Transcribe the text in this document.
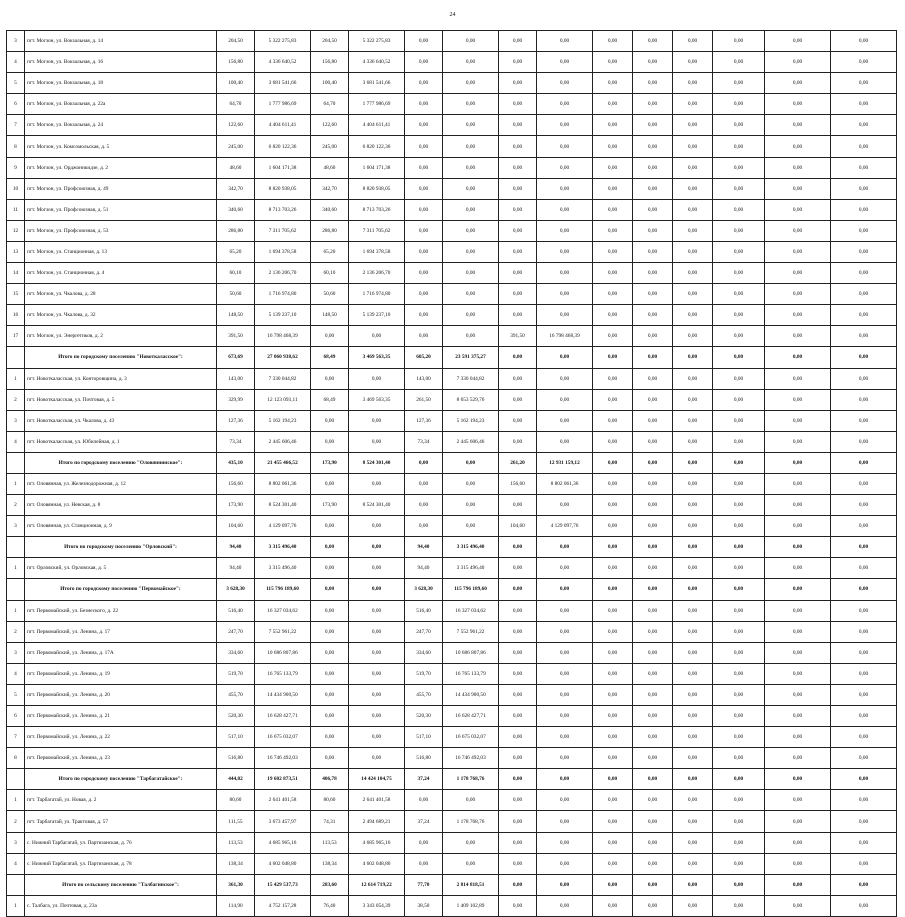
24
3	пгт. Могзон, ул. Вокзальная, д. 14	204,50	5 322 275,83	204,50	5 322 275,83	0,00	0,00	0,00	0,00	0,00	0,00	0,00	0,00	0,00	0,00
4	пгт. Могзон, ул. Вокзальная, д. 16	156,80	4 336 640,52	156,80	4 336 640,52	0,00	0,00	0,00	0,00	0,00	0,00	0,00	0,00	0,00	0,00
5	пгт. Могзон, ул. Вокзальная, д. 18	100,40	3 681 541,66	100,40	3 681 541,66	0,00	0,00	0,00	0,00	0,00	0,00	0,00	0,00	0,00	0,00
6	пгт. Могзон, ул. Вокзальная, д. 22а	64,70	1 777 986,69	64,70	1 777 986,69	0,00	0,00	0,00	0,00	0,00	0,00	0,00	0,00	0,00	0,00
7	пгт. Могзон, ул. Вокзальная, д. 24	122,60	4 404 611,41	122,60	4 404 611,41	0,00	0,00	0,00	0,00	0,00	0,00	0,00	0,00	0,00	0,00
8	пгт. Могзон, ул. Комсомольская, д. 5	245,00	6 820 122,36	245,00	6 820 122,36	0,00	0,00	0,00	0,00	0,00	0,00	0,00	0,00	0,00	0,00
9	пгт. Могзон, ул. Орджоникидзе, д. 2	48,60	1 604 171,38	48,60	1 604 171,38	0,00	0,00	0,00	0,00	0,00	0,00	0,00	0,00	0,00	0,00
10	пгт. Могзон, ул. Профсоюзная, д. 49	342,70	8 820 938,05	342,70	8 820 938,05	0,00	0,00	0,00	0,00	0,00	0,00	0,00	0,00	0,00	0,00
11	пгт. Могзон, ул. Профсоюзная, д. 51	340,60	8 713 703,26	340,60	8 713 703,26	0,00	0,00	0,00	0,00	0,00	0,00	0,00	0,00	0,00	0,00
12	пгт. Могзон, ул. Профсоюзная, д. 53	286,80	7 311 705,62	286,80	7 311 705,62	0,00	0,00	0,00	0,00	0,00	0,00	0,00	0,00	0,00	0,00
13	пгт. Могзон, ул. Станционная, д. 13	65,20	1 694 378,58	65,20	1 694 378,58	0,00	0,00	0,00	0,00	0,00	0,00	0,00	0,00	0,00	0,00
14	пгт. Могзон, ул. Станционная, д. 4	60,10	2 136 206,70	60,10	2 136 206,70	0,00	0,00	0,00	0,00	0,00	0,00	0,00	0,00	0,00	0,00
15	пгт. Могзон, ул. Чкалова, д. 28	50,60	1 716 974,80	50,60	1 716 974,80	0,00	0,00	0,00	0,00	0,00	0,00	0,00	0,00	0,00	0,00
16	пгт. Могзон, ул. Чкалова, д. 32	148,50	5 139 237,10	148,50	5 139 237,10	0,00	0,00	0,00	0,00	0,00	0,00	0,00	0,00	0,00	0,00
17	пгт. Могзон, ул. Энергетиков, д. 2	391,50	16 798 468,39	0,00	0,00	0,00	0,00	391,50	16 798 468,39	0,00	0,00	0,00	0,00	0,00	0,00
	Итого по городскому поселению "Новоткаласское":	673,69	27 060 938,62	68,49	3 469 563,35	605,20	23 591 375,27	0,00	0,00	0,00	0,00	0,00	0,00	0,00	0,00
1	пгт. Новоткаласская, ул. Конторовщина, д. 3	143,00	7 330 044,82	0,00	0,00	143,00	7 330 044,82	0,00	0,00	0,00	0,00	0,00	0,00	0,00	0,00
2	пгт. Новоткаласская, ул. Почтовая, д. 5	329,99	12 123 093,11	68,49	3 469 563,35	261,50	8 653 529,76	0,00	0,00	0,00	0,00	0,00	0,00	0,00	0,00
3	пгт. Новоткаласская, ул. Чкалова, д. 43	127,36	5 162 194,23	0,00	0,00	127,36	5 162 194,23	0,00	0,00	0,00	0,00	0,00	0,00	0,00	0,00
4	пгт. Новоткаласская, ул. Юбилейная, д. 1	73,34	2 445 606,46	0,00	0,00	73,34	2 445 606,46	0,00	0,00	0,00	0,00	0,00	0,00	0,00	0,00
	Итого по городскому поселению "Оловяннинское":	435,10	21 455 466,52	173,90	8 524 301,40	0,00	0,00	261,20	12 931 159,12	0,00	0,00	0,00	0,00	0,00	0,00
1	пгт. Оловянная, ул. Железнодорожная, д. 12	156,60	8 802 061,36	0,00	0,00	0,00	0,00	156,60	8 802 061,36	0,00	0,00	0,00	0,00	0,00	0,00
2	пгт. Оловянная, ул. Невская, д. 8	173,90	8 524 301,40	173,90	8 524 301,40	0,00	0,00	0,00	0,00	0,00	0,00	0,00	0,00	0,00	0,00
3	пгт. Оловянная, ул. Станционная, д. 9	104,60	4 129 097,76	0,00	0,00	0,00	0,00	104,60	4 129 097,76	0,00	0,00	0,00	0,00	0,00	0,00
	Итого по городскому поселению "Орловский":	94,40	3 315 496,40	0,00	0,00	94,40	3 315 496,40	0,00	0,00	0,00	0,00	0,00	0,00	0,00	0,00
1	пгт. Орловский, ул. Орловская, д. 5	94,40	3 315 496,40	0,00	0,00	94,40	3 315 496,40	0,00	0,00	0,00	0,00	0,00	0,00	0,00	0,00
	Итого по городскому поселению "Первомайское":	3 628,30	115 796 189,60	0,00	0,00	3 628,30	115 796 189,60	0,00	0,00	0,00	0,00	0,00	0,00	0,00	0,00
1	пгт. Первомайский, ул. Безнеского, д. 22	516,40	16 327 034,62	0,00	0,00	516,40	16 327 034,62	0,00	0,00	0,00	0,00	0,00	0,00	0,00	0,00
2	пгт. Первомайский, ул. Ленина, д. 17	247,70	7 552 961,22	0,00	0,00	247,70	7 552 961,22	0,00	0,00	0,00	0,00	0,00	0,00	0,00	0,00
3	пгт. Первомайский, ул. Ленина, д. 17А	334,60	10 686 807,86	0,00	0,00	334,60	10 686 807,86	0,00	0,00	0,00	0,00	0,00	0,00	0,00	0,00
4	пгт. Первомайский, ул. Ленина, д. 19	519,70	16 765 133,79	0,00	0,00	519,70	16 765 133,79	0,00	0,00	0,00	0,00	0,00	0,00	0,00	0,00
5	пгт. Первомайский, ул. Ленина, д. 20	455,70	14 434 900,50	0,00	0,00	455,70	14 434 900,50	0,00	0,00	0,00	0,00	0,00	0,00	0,00	0,00
6	пгт. Первомайский, ул. Ленина, д. 21	520,30	16 628 427,71	0,00	0,00	520,30	16 628 427,71	0,00	0,00	0,00	0,00	0,00	0,00	0,00	0,00
7	пгт. Первомайский, ул. Ленина, д. 22	517,10	16 675 032,07	0,00	0,00	517,10	16 675 032,07	0,00	0,00	0,00	0,00	0,00	0,00	0,00	0,00
8	пгт. Первомайский, ул. Ленина, д. 23	516,80	16 746 492,03	0,00	0,00	516,80	16 746 492,03	0,00	0,00	0,00	0,00	0,00	0,00	0,00	0,00
	Итого по городскому поселению "Тарбагатайское":	444,02	19 602 873,51	406,78	14 424 104,75	37,24	1 178 768,76	0,00	0,00	0,00	0,00	0,00	0,00	0,00	0,00
1	пгт. Тарбагатай, ул. Новая, д. 2	80,60	2 641 401,58	80,60	2 641 401,58	0,00	0,00	0,00	0,00	0,00	0,00	0,00	0,00	0,00	0,00
2	пгт. Тарбагатай, ул. Трактовая, д. 57	111,55	3 673 457,97	74,31	2 494 689,21	37,24	1 178 768,76	0,00	0,00	0,00	0,00	0,00	0,00	0,00	0,00
3	с. Нижний Тарбагатай, ул. Партизанская, д. 76	113,53	4 685 965,16	113,53	4 685 965,16	0,00	0,00	0,00	0,00	0,00	0,00	0,00	0,00	0,00	0,00
4	с. Нижний Тарбагатай, ул. Партизанская, д. 78	138,34	4 602 048,80	138,34	4 602 048,80	0,00	0,00	0,00	0,00	0,00	0,00	0,00	0,00	0,00	0,00
	Итого по сельскому поселению "Талбагинское":	361,30	15 429 537,73	283,60	12 614 719,22	77,70	2 814 818,51	0,00	0,00	0,00	0,00	0,00	0,00	0,00	0,00
1	с. Талбага, ул. Почтовая, д. 23а	114,90	4 752 157,28	76,40	3 343 054,39	38,50	1 409 102,89	0,00	0,00	0,00	0,00	0,00	0,00	0,00	0,00
